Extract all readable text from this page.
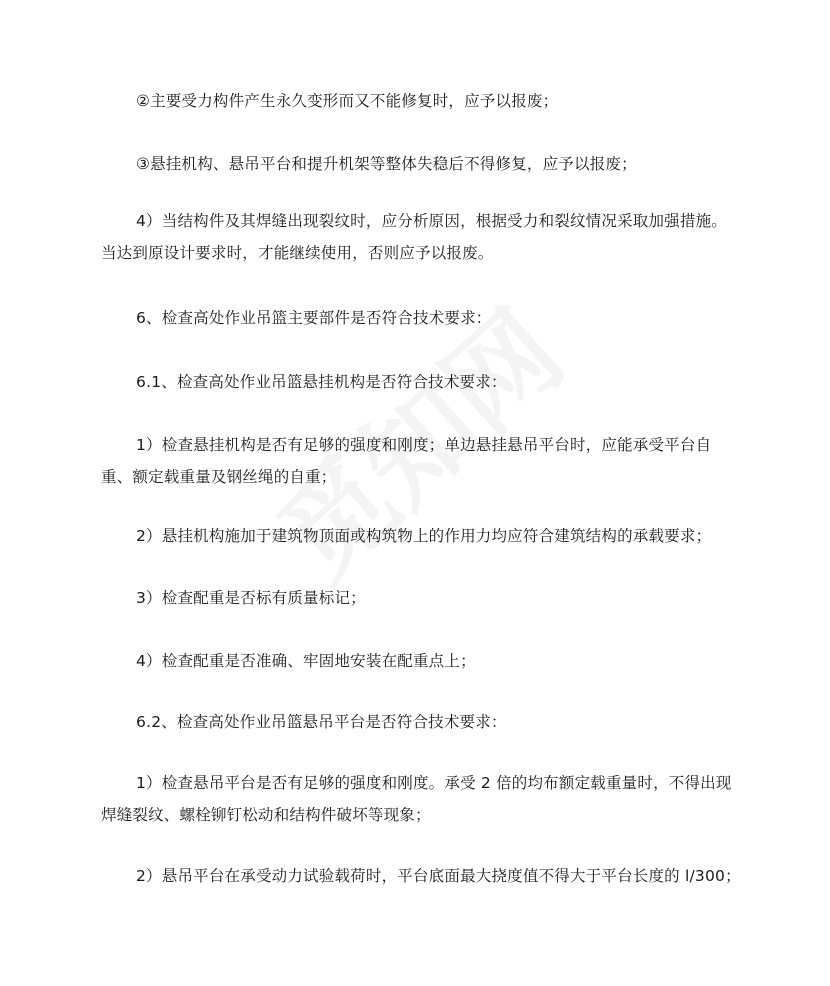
②主要受力构件产生永久变形而又不能修复时，应予以报废；

③悬挂机构、悬吊平台和提升机架等整体失稳后不得修复，应予以报废；

4）当结构件及其焊缝出现裂纹时，应分析原因，根据受力和裂纹情况采取加强措施。当达到原设计要求时，才能继续使用，否则应予以报废。

6、检查高处作业吊篮主要部件是否符合技术要求：

6.1、检查高处作业吊篮悬挂机构是否符合技术要求：

1）检查悬挂机构是否有足够的强度和刚度；单边悬挂悬吊平台时，应能承受平台自重、额定载重量及钢丝绳的自重；

2）悬挂机构施加于建筑物顶面或构筑物上的作用力均应符合建筑结构的承载要求；

3）检查配重是否标有质量标记；

4）检查配重是否准确、牢固地安装在配重点上；

6.2、检查高处作业吊篮悬吊平台是否符合技术要求：

1）检查悬吊平台是否有足够的强度和刚度。承受 2 倍的均布额定载重量时，不得出现焊缝裂纹、螺栓铆钉松动和结构件破坏等现象；

2）悬吊平台在承受动力试验载荷时，平台底面最大挠度值不得大于平台长度的 l/300；
